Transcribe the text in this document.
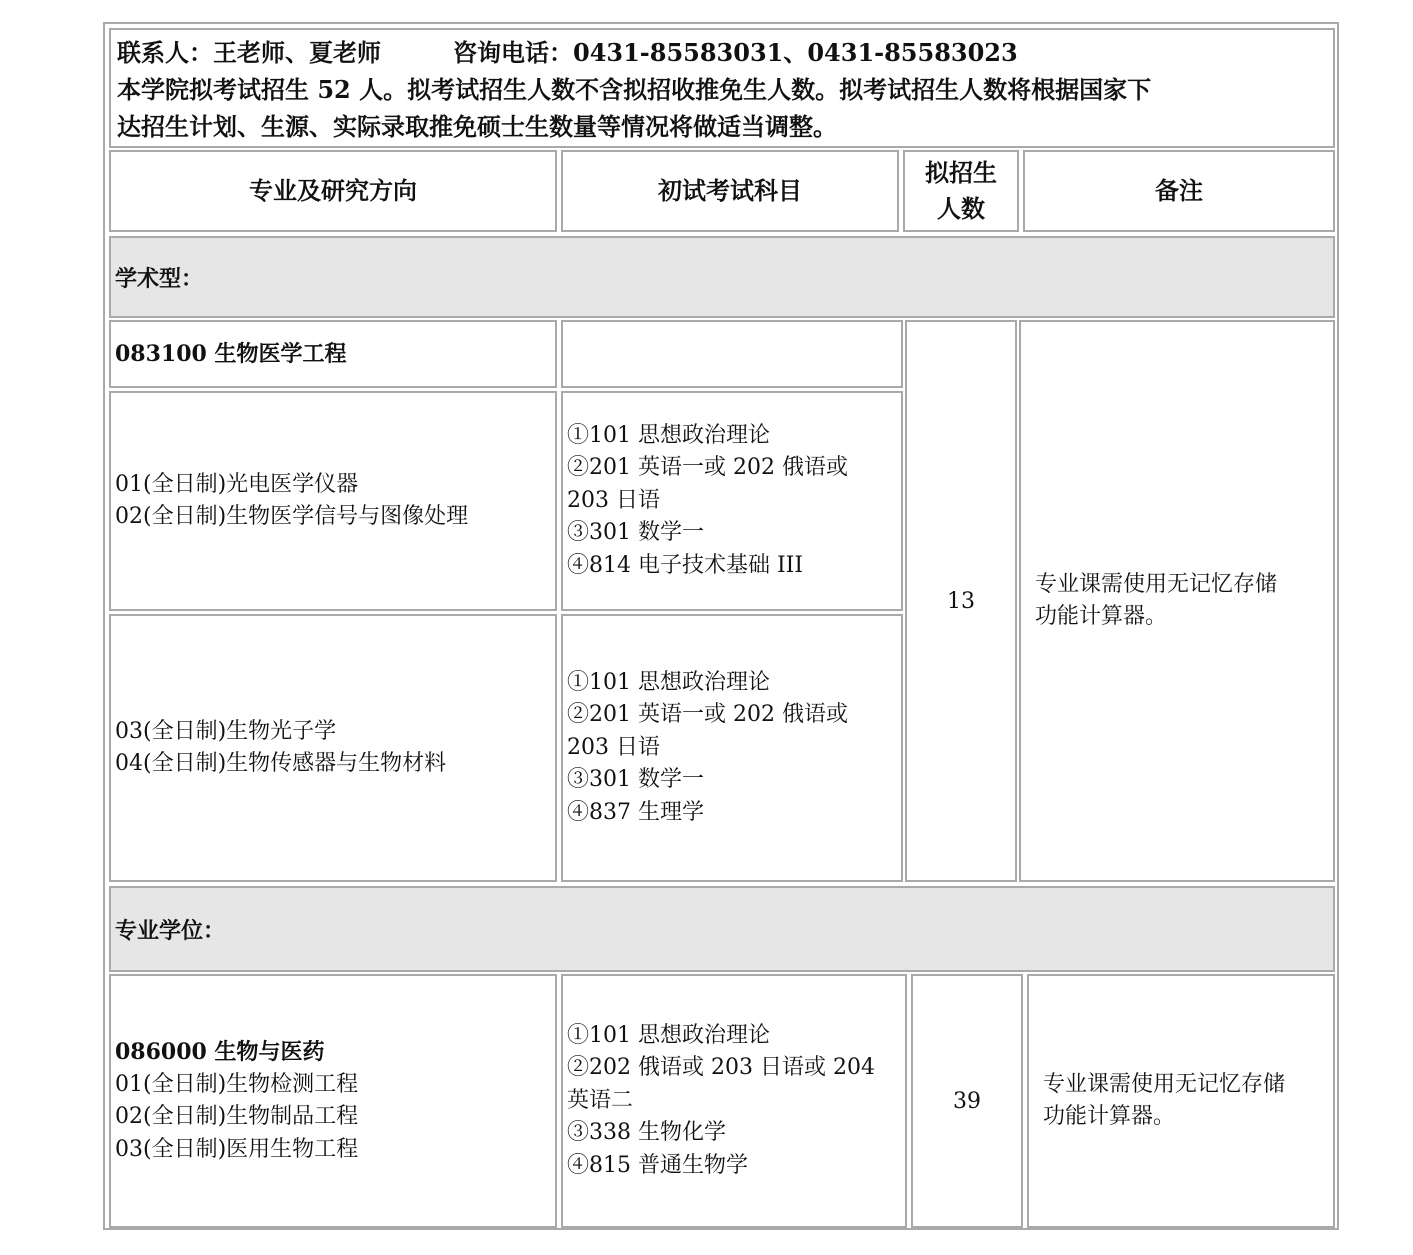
联系人：王老师、夏老师　　　咨询电话：0431-85583031、0431-85583023
本学院拟考试招生 52 人。拟考试招生人数不含拟招收推免生人数。拟考试招生人数将根据国家下
达招生计划、生源、实际录取推免硕士生数量等情况将做适当调整。
专业及研究方向	初试考试科目
拟招生
人数
备注
学术型：
083100 生物医学工程
01(全日制)光电医学仪器
02(全日制)生物医学信号与图像处理
①101 思想政治理论
②201 英语一或 202 俄语或
203 日语
③301 数学一
④814 电子技术基础 III
03(全日制)生物光子学
04(全日制)生物传感器与生物材料
①101 思想政治理论
②201 英语一或 202 俄语或
203 日语
③301 数学一
④837 生理学
13
专业课需使用无记忆存储
功能计算器。
专业学位：
086000 生物与医药
01(全日制)生物检测工程
02(全日制)生物制品工程
03(全日制)医用生物工程
①101 思想政治理论
②202 俄语或 203 日语或 204
英语二
③338 生物化学
④815 普通生物学
39
专业课需使用无记忆存储
功能计算器。
